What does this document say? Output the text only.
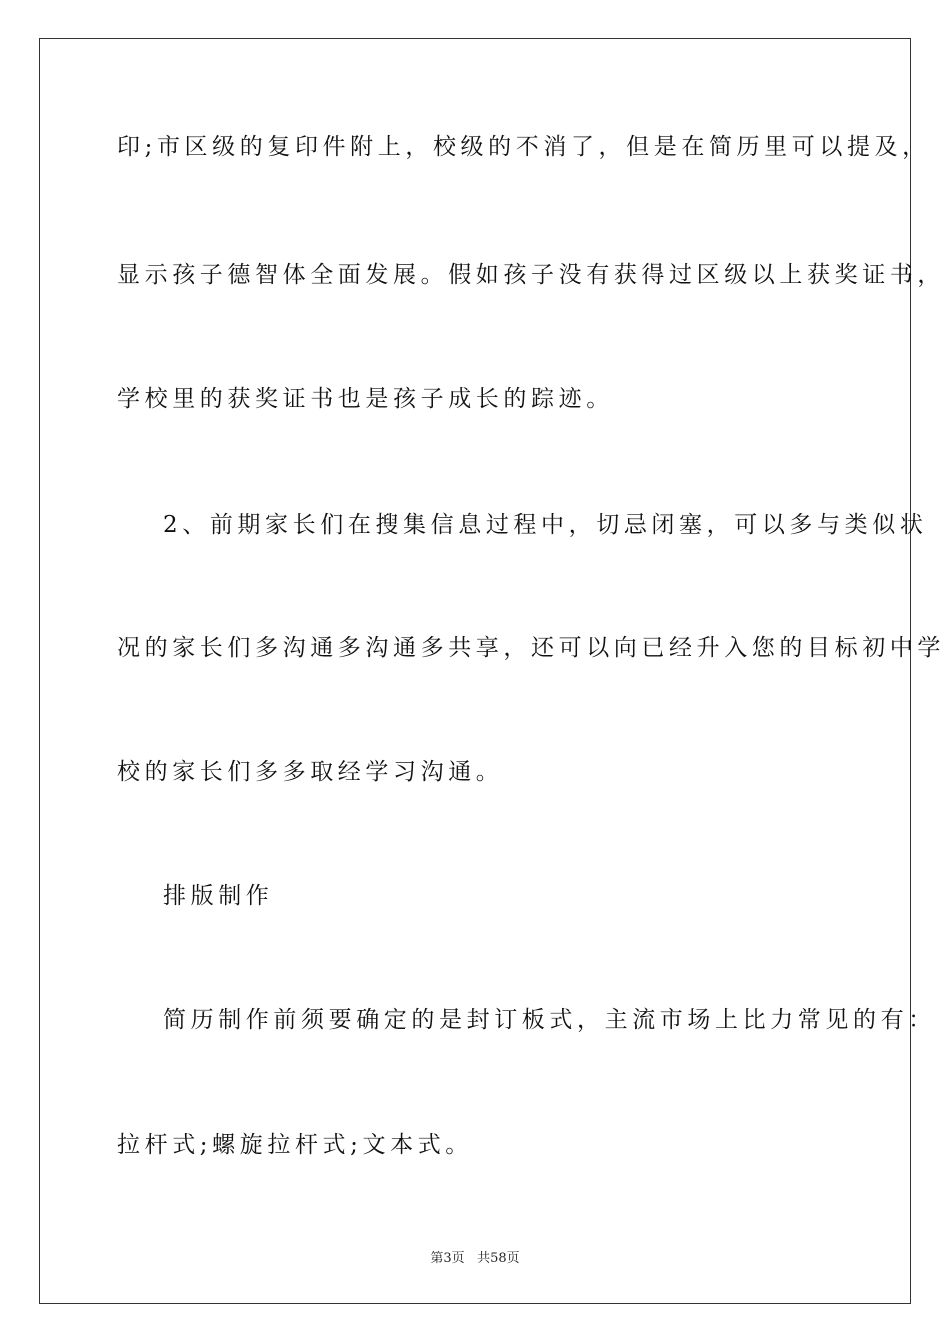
印;市区级的复印件附上，校级的不消了，但是在简历里可以提及，
显示孩子德智体全面发展。假如孩子没有获得过区级以上获奖证书，
学校里的获奖证书也是孩子成长的踪迹。
2、前期家长们在搜集信息过程中，切忌闭塞，可以多与类似状
况的家长们多沟通多沟通多共享，还可以向已经升入您的目标初中学
校的家长们多多取经学习沟通。
排版制作
简历制作前须要确定的是封订板式，主流市场上比力常见的有：
拉杆式;螺旋拉杆式;文本式。
第3页 共58页
